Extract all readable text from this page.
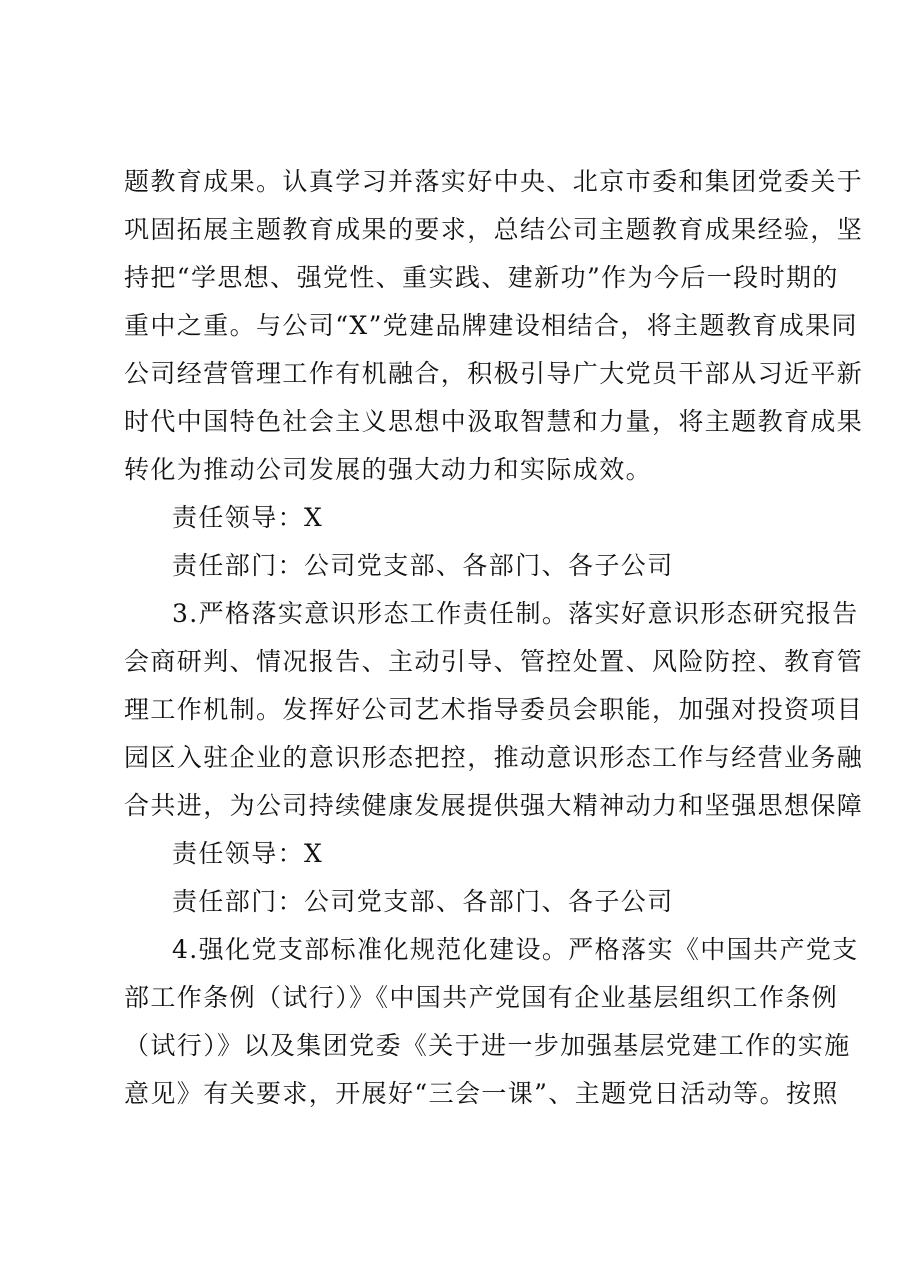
题教育成果。认真学习并落实好中央、北京市委和集团党委关于
巩固拓展主题教育成果的要求，总结公司主题教育成果经验，坚
持把“学思想、强党性、重实践、建新功”作为今后一段时期的
重中之重。与公司“X”党建品牌建设相结合，将主题教育成果同
公司经营管理工作有机融合，积极引导广大党员干部从习近平新
时代中国特色社会主义思想中汲取智慧和力量，将主题教育成果
转化为推动公司发展的强大动力和实际成效。
责任领导：X
责任部门：公司党支部、各部门、各子公司
3.严格落实意识形态工作责任制。落实好意识形态研究报告
会商研判、情况报告、主动引导、管控处置、风险防控、教育管
理工作机制。发挥好公司艺术指导委员会职能，加强对投资项目
园区入驻企业的意识形态把控，推动意识形态工作与经营业务融
合共进，为公司持续健康发展提供强大精神动力和坚强思想保障
责任领导：X
责任部门：公司党支部、各部门、各子公司
4.强化党支部标准化规范化建设。严格落实《中国共产党支
部工作条例（试行）》《中国共产党国有企业基层组织工作条例
（试行）》以及集团党委《关于进一步加强基层党建工作的实施
意见》有关要求，开展好“三会一课”、主题党日活动等。按照
